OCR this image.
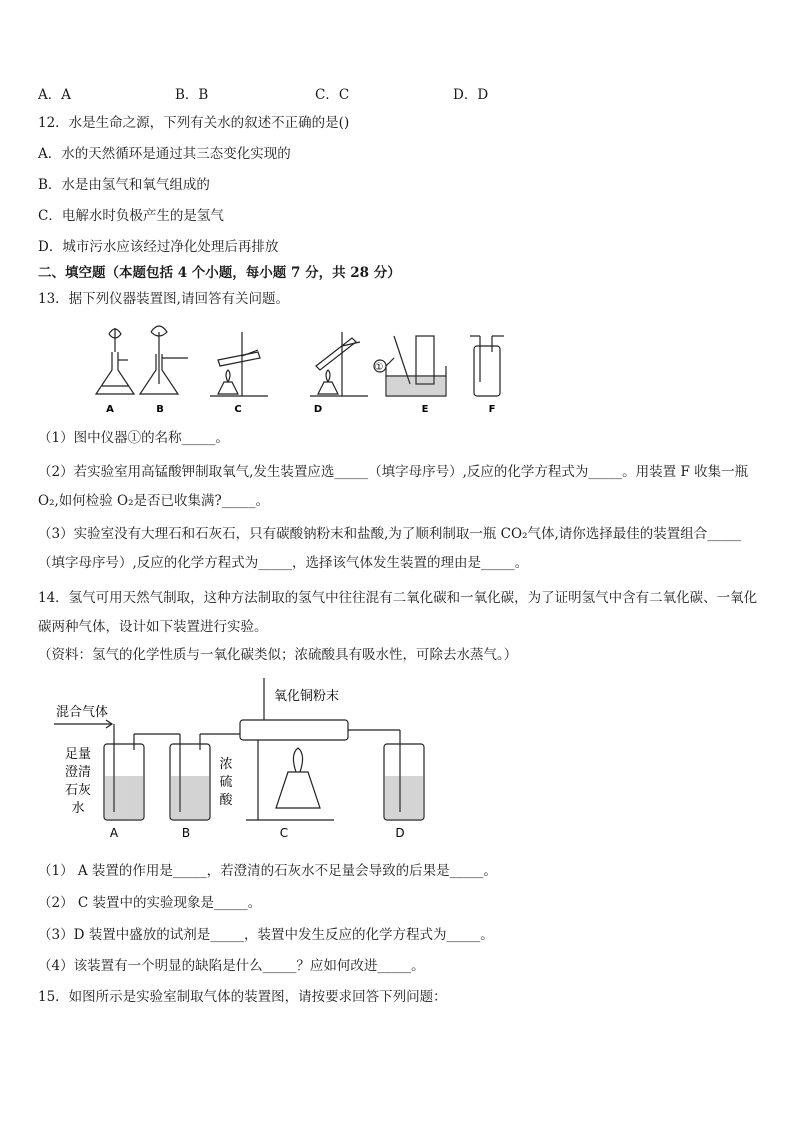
A．A	B．B	C．C	D．D
12．水是生命之源，下列有关水的叙述不正确的是()
A．水的天然循环是通过其三态变化实现的
B．水是由氢气和氧气组成的
C．电解水时负极产生的是氢气
D．城市污水应该经过净化处理后再排放
二、填空题（本题包括 4 个小题，每小题 7 分，共 28 分）
13．据下列仪器装置图,请回答有关问题。
①
A	B	C	D	E	F
（1）图中仪器①的名称_____。
（2）若实验室用高锰酸钾制取氧气,发生装置应选_____（填字母序号）,反应的化学方程式为_____。用装置 F 收集一瓶 O₂,如何检验 O₂是否已收集满?_____。
（3）实验室没有大理石和石灰石，只有碳酸钠粉末和盐酸,为了顺利制取一瓶 CO₂气体,请你选择最佳的装置组合_____（填字母序号）,反应的化学方程式为_____，选择该气体发生装置的理由是_____。
14．氢气可用天然气制取，这种方法制取的氢气中往往混有二氧化碳和一氧化碳，为了证明氢气中含有二氧化碳、一氧化碳两种气体，设计如下装置进行实验。
（资料：氢气的化学性质与一氧化碳类似；浓硫酸具有吸水性，可除去水蒸气。）
混合气体
氧化铜粉末
足量
澄清
石灰
水
浓
硫
酸
A	B	C	D
（1） A 装置的作用是_____，若澄清的石灰水不足量会导致的后果是_____。
（2） C 装置中的实验现象是_____。
（3）D 装置中盛放的试剂是_____，装置中发生反应的化学方程式为_____。
（4）该装置有一个明显的缺陷是什么_____？应如何改进_____。
15．如图所示是实验室制取气体的装置图，请按要求回答下列问题：
